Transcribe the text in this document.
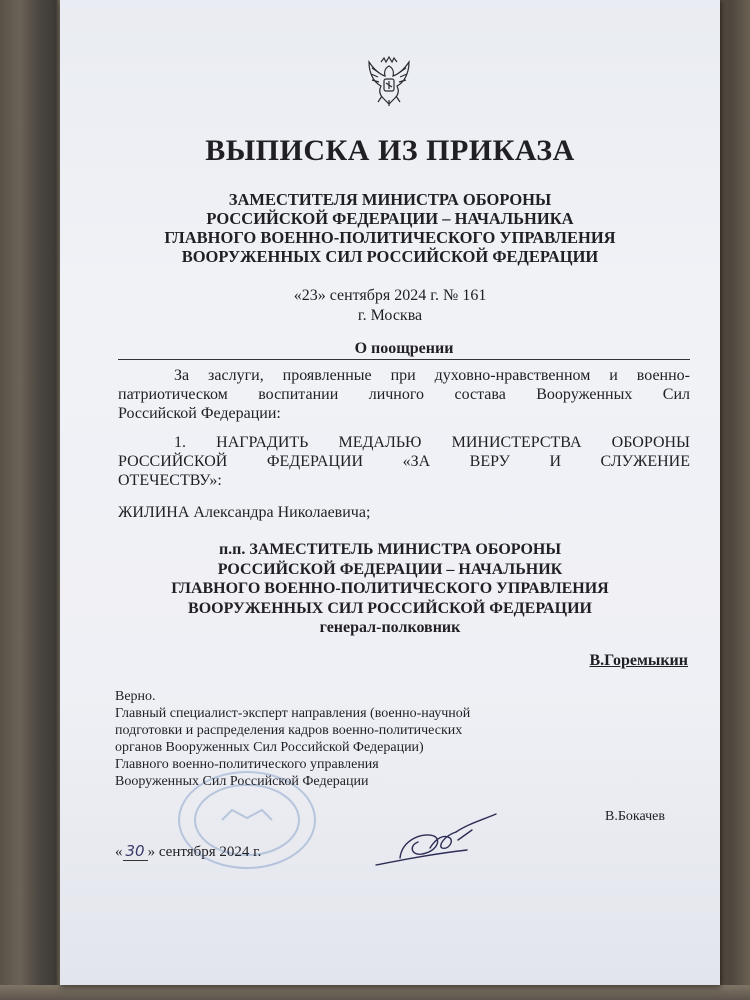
ВЫПИСКА ИЗ ПРИКАЗА
ЗАМЕСТИТЕЛЯ МИНИСТРА ОБОРОНЫ
РОССИЙСКОЙ ФЕДЕРАЦИИ – НАЧАЛЬНИКА
ГЛАВНОГО ВОЕННО-ПОЛИТИЧЕСКОГО УПРАВЛЕНИЯ
ВООРУЖЕННЫХ СИЛ РОССИЙСКОЙ ФЕДЕРАЦИИ
«23» сентября 2024 г. № 161
г. Москва
О поощрении
За заслуги, проявленные при духовно-нравственном и военно-
патриотическом воспитании личного состава Вооруженных Сил
Российской Федерации:
1. НАГРАДИТЬ МЕДАЛЬЮ МИНИСТЕРСТВА ОБОРОНЫ
РОССИЙСКОЙ ФЕДЕРАЦИИ «ЗА ВЕРУ И СЛУЖЕНИЕ
ОТЕЧЕСТВУ»:
ЖИЛИНА Александра Николаевича;
п.п. ЗАМЕСТИТЕЛЬ МИНИСТРА ОБОРОНЫ
РОССИЙСКОЙ ФЕДЕРАЦИИ – НАЧАЛЬНИК
ГЛАВНОГО ВОЕННО-ПОЛИТИЧЕСКОГО УПРАВЛЕНИЯ
ВООРУЖЕННЫХ СИЛ РОССИЙСКОЙ ФЕДЕРАЦИИ
генерал-полковник
В.Горемыкин
Верно.
Главный специалист-эксперт направления (военно-научной
подготовки и распределения кадров военно-политических
органов Вооруженных Сил Российской Федерации)
Главного военно-политического управления
Вооруженных Сил Российской Федерации
В.Бокачев
« 30 » сентября 2024 г.
